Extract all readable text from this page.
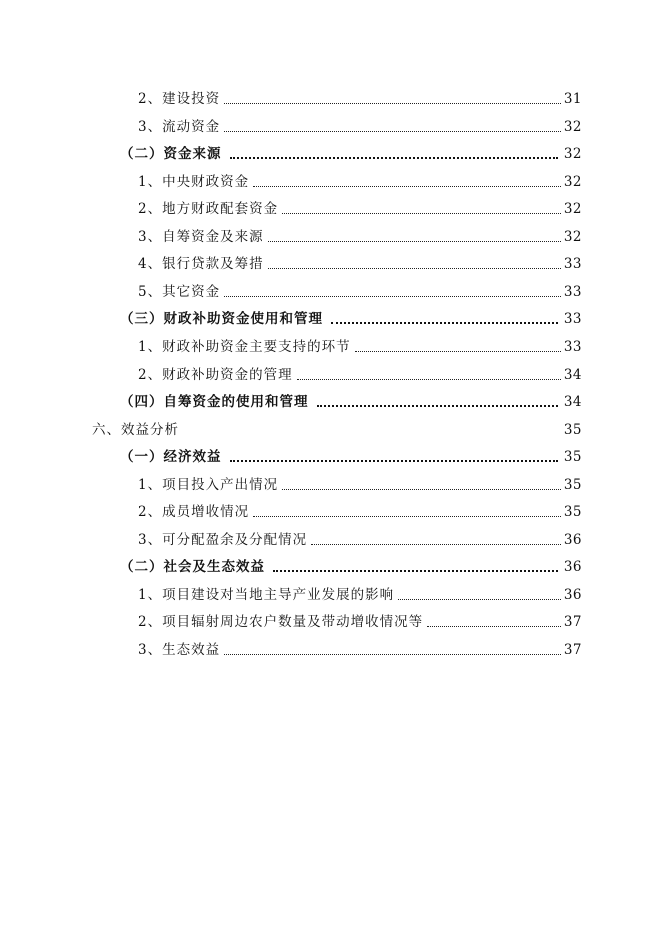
2、建设投资	31
3、流动资金	32
（二）资金来源	32
1、中央财政资金	32
2、地方财政配套资金	32
3、自筹资金及来源	32
4、银行贷款及筹措	33
5、其它资金	33
（三）财政补助资金使用和管理	33
1、财政补助资金主要支持的环节	33
2、财政补助资金的管理	34
（四）自筹资金的使用和管理	34
六、效益分析	35
（一）经济效益	35
1、项目投入产出情况	35
2、成员增收情况	35
3、可分配盈余及分配情况	36
（二）社会及生态效益	36
1、项目建设对当地主导产业发展的影响	36
2、项目辐射周边农户数量及带动增收情况等	37
3、生态效益	37
